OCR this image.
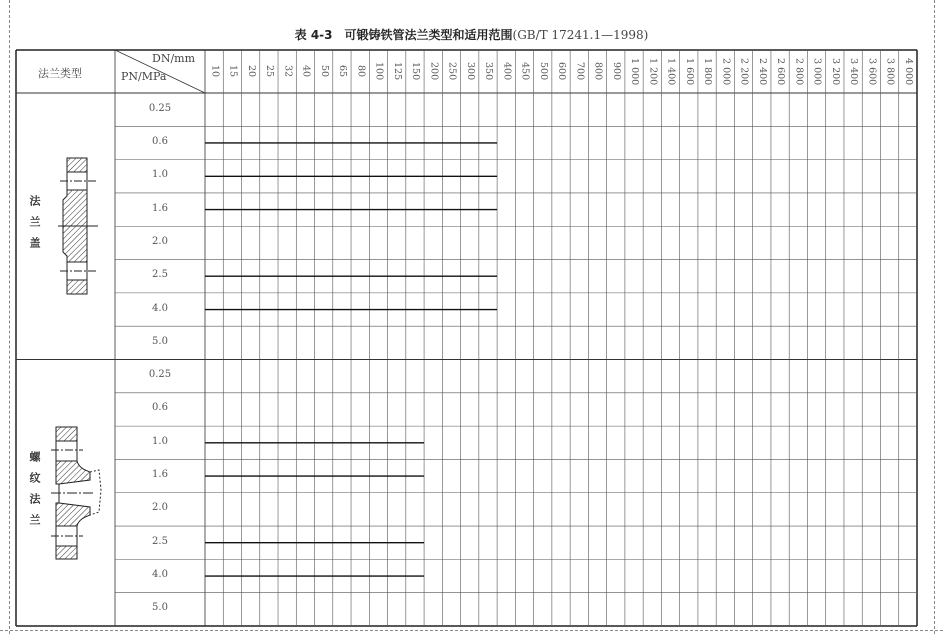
表 4-3 可锻铸铁管法兰类型和适用范围(GB/T 17241.1—1998)
法兰类型
DN/mm
PN/MPa	10 15 20 25 32 40 50 65 80 100 125 150 200 250 300 350 400 450 500 600 700 800 900 1 000 1 200 1 400 1 600 1 800 2 000 2 200 2 400 2 600 2 800 3 000 3 200 3 400 3 600 3 800 4 000
法兰盖
0.25
0.6
1.0
1.6
2.0
2.5
4.0
5.0
螺纹法兰
0.25
0.6
1.0
1.6
2.0
2.5
4.0
5.0
